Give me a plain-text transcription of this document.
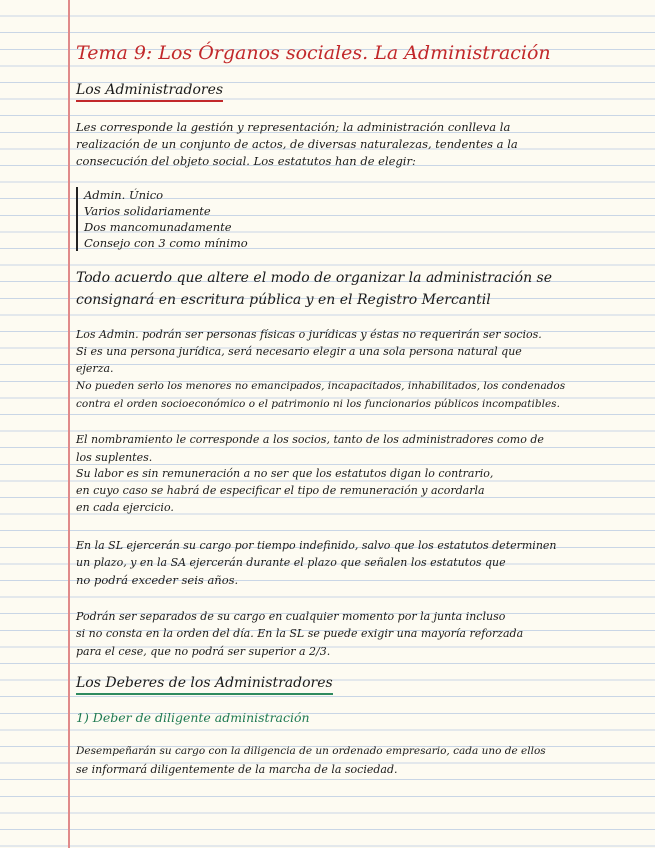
Tema 9: Los Órganos sociales. La Administración

Los Administradores

Les corresponde la gestión y representación; la administración conlleva la

realización de un conjunto de actos, de diversas naturalezas, tendentes a la

consecución del objeto social. Los estatutos han de elegir:

Admin. Único
Varios solidariamente
Dos mancomunadamente
Consejo con 3 como mínimo

Todo acuerdo que altere el modo de organizar la administración se

consignará en escritura pública y en el Registro Mercantil

Los Admin. podrán ser personas físicas o jurídicas y éstas no requerirán ser socios.

Si es una persona jurídica, será necesario elegir a una sola persona natural que

ejerza.

No pueden serlo los menores no emancipados, incapacitados, inhabilitados, los condenados

contra el orden socioeconómico o el patrimonio ni los funcionarios públicos incompatibles.

El nombramiento le corresponde a los socios, tanto de los administradores como de

los suplentes.

Su labor es sin remuneración a no ser que los estatutos digan lo contrario,

en cuyo caso se habrá de especificar el tipo de remuneración y acordarla

en cada ejercicio.

En la SL ejercerán su cargo por tiempo indefinido, salvo que los estatutos determinen

un plazo, y en la SA ejercerán durante el plazo que señalen los estatutos que

no podrá exceder seis años.

Podrán ser separados de su cargo en cualquier momento por la junta incluso

si no consta en la orden del día. En la SL se puede exigir una mayoría reforzada

para el cese, que no podrá ser superior a 2/3.

Los Deberes de los Administradores

1) Deber de diligente administración

Desempeñarán su cargo con la diligencia de un ordenado empresario, cada uno de ellos

se informará diligentemente de la marcha de la sociedad.
